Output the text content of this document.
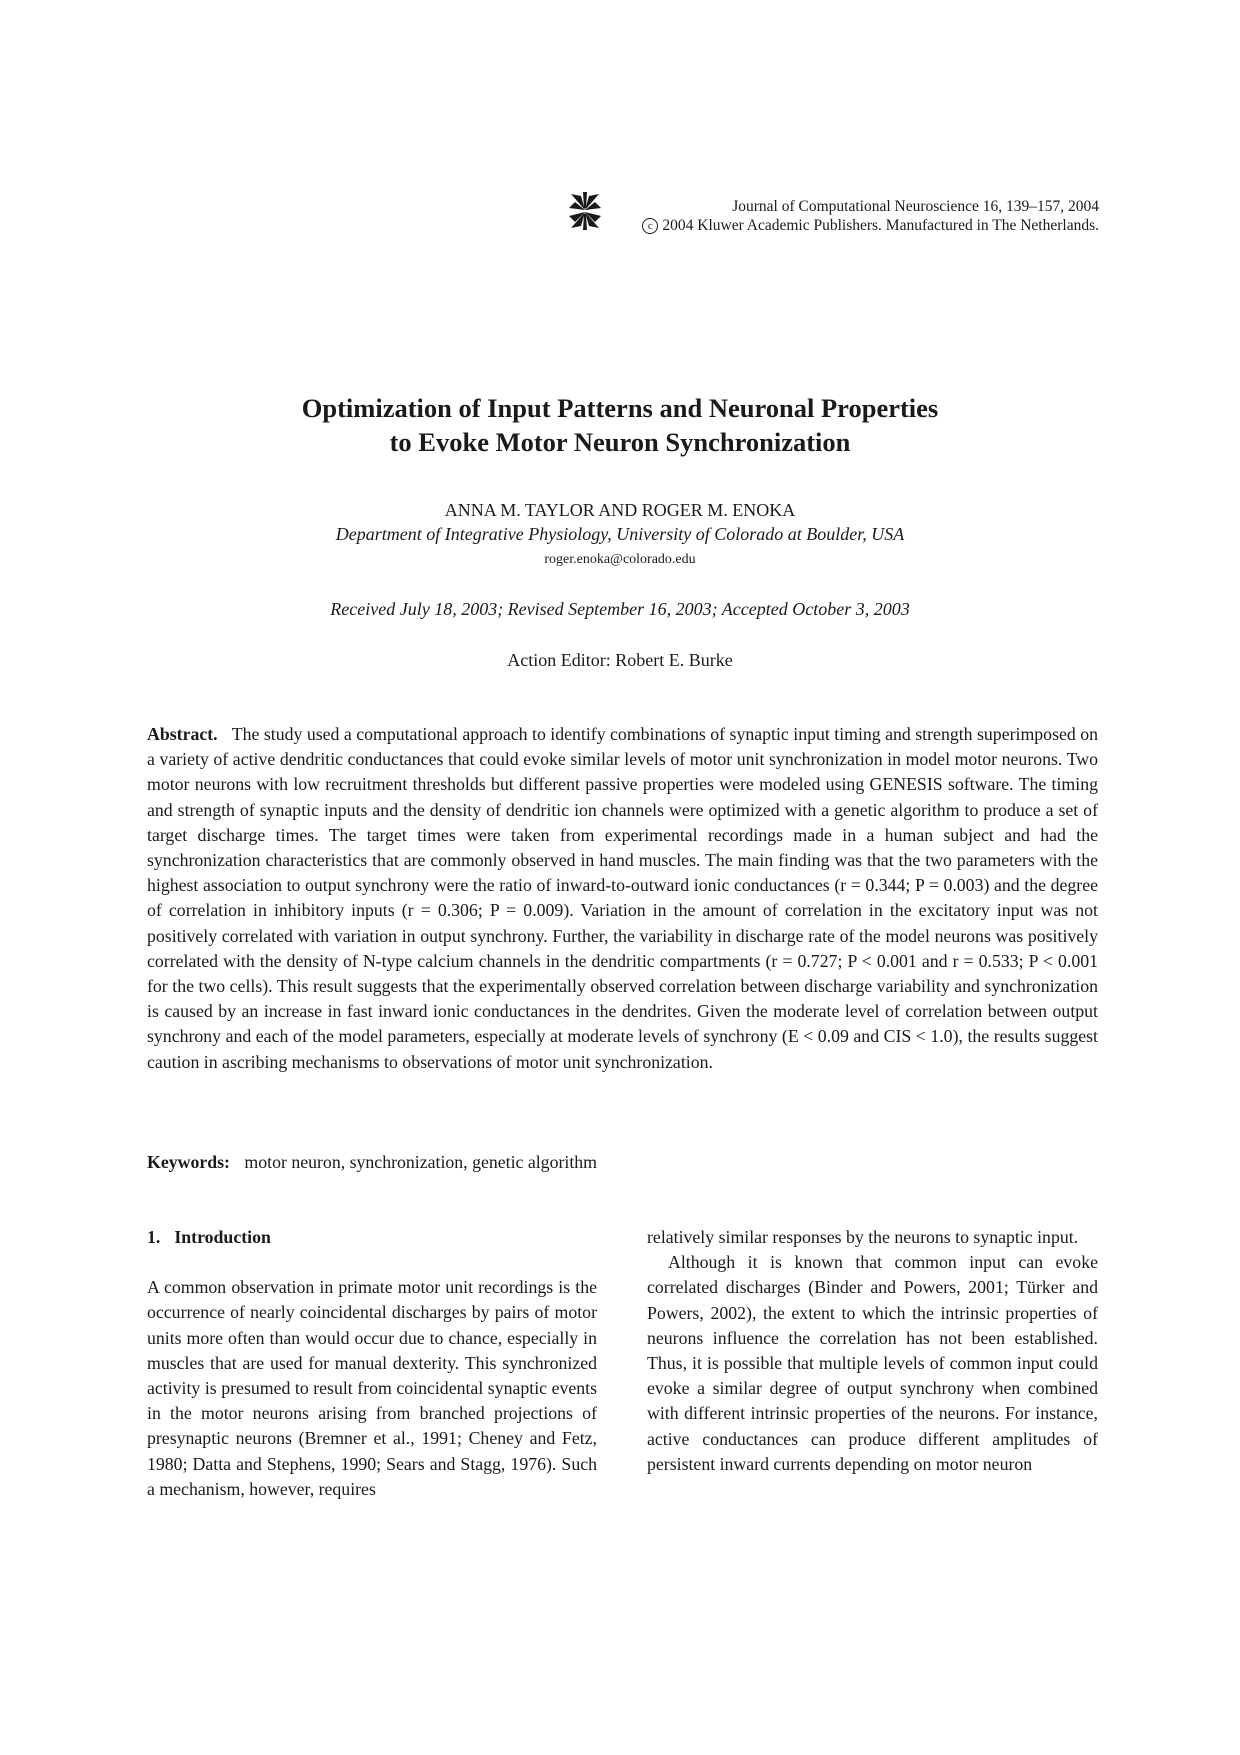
Journal of Computational Neuroscience 16, 139–157, 2004
c 2004 Kluwer Academic Publishers. Manufactured in The Netherlands.
Optimization of Input Patterns and Neuronal Properties
to Evoke Motor Neuron Synchronization
ANNA M. TAYLOR AND ROGER M. ENOKA
Department of Integrative Physiology, University of Colorado at Boulder, USA
roger.enoka@colorado.edu
Received July 18, 2003; Revised September 16, 2003; Accepted October 3, 2003
Action Editor: Robert E. Burke
Abstract. The study used a computational approach to identify combinations of synaptic input timing and strength superimposed on a variety of active dendritic conductances that could evoke similar levels of motor unit synchronization in model motor neurons. Two motor neurons with low recruitment thresholds but different passive properties were modeled using GENESIS software. The timing and strength of synaptic inputs and the density of dendritic ion channels were optimized with a genetic algorithm to produce a set of target discharge times. The target times were taken from experimental recordings made in a human subject and had the synchronization characteristics that are commonly observed in hand muscles. The main finding was that the two parameters with the highest association to output synchrony were the ratio of inward-to-outward ionic conductances (r = 0.344; P = 0.003) and the degree of correlation in inhibitory inputs (r = 0.306; P = 0.009). Variation in the amount of correlation in the excitatory input was not positively correlated with variation in output synchrony. Further, the variability in discharge rate of the model neurons was positively correlated with the density of N-type calcium channels in the dendritic compartments (r = 0.727; P < 0.001 and r = 0.533; P < 0.001 for the two cells). This result suggests that the experimentally observed correlation between discharge variability and synchronization is caused by an increase in fast inward ionic conductances in the dendrites. Given the moderate level of correlation between output synchrony and each of the model parameters, especially at moderate levels of synchrony (E < 0.09 and CIS < 1.0), the results suggest caution in ascribing mechanisms to observations of motor unit synchronization.
Keywords: motor neuron, synchronization, genetic algorithm
1. Introduction

A common observation in primate motor unit recordings is the occurrence of nearly coincidental discharges by pairs of motor units more often than would occur due to chance, especially in muscles that are used for manual dexterity. This synchronized activity is presumed to result from coincidental synaptic events in the motor neurons arising from branched projections of presynaptic neurons (Bremner et al., 1991; Cheney and Fetz, 1980; Datta and Stephens, 1990; Sears and Stagg, 1976). Such a mechanism, however, requires

relatively similar responses by the neurons to synaptic input.

Although it is known that common input can evoke correlated discharges (Binder and Powers, 2001; Türker and Powers, 2002), the extent to which the intrinsic properties of neurons influence the correlation has not been established. Thus, it is possible that multiple levels of common input could evoke a similar degree of output synchrony when combined with different intrinsic properties of the neurons. For instance, active conductances can produce different amplitudes of persistent inward currents depending on motor neuron
